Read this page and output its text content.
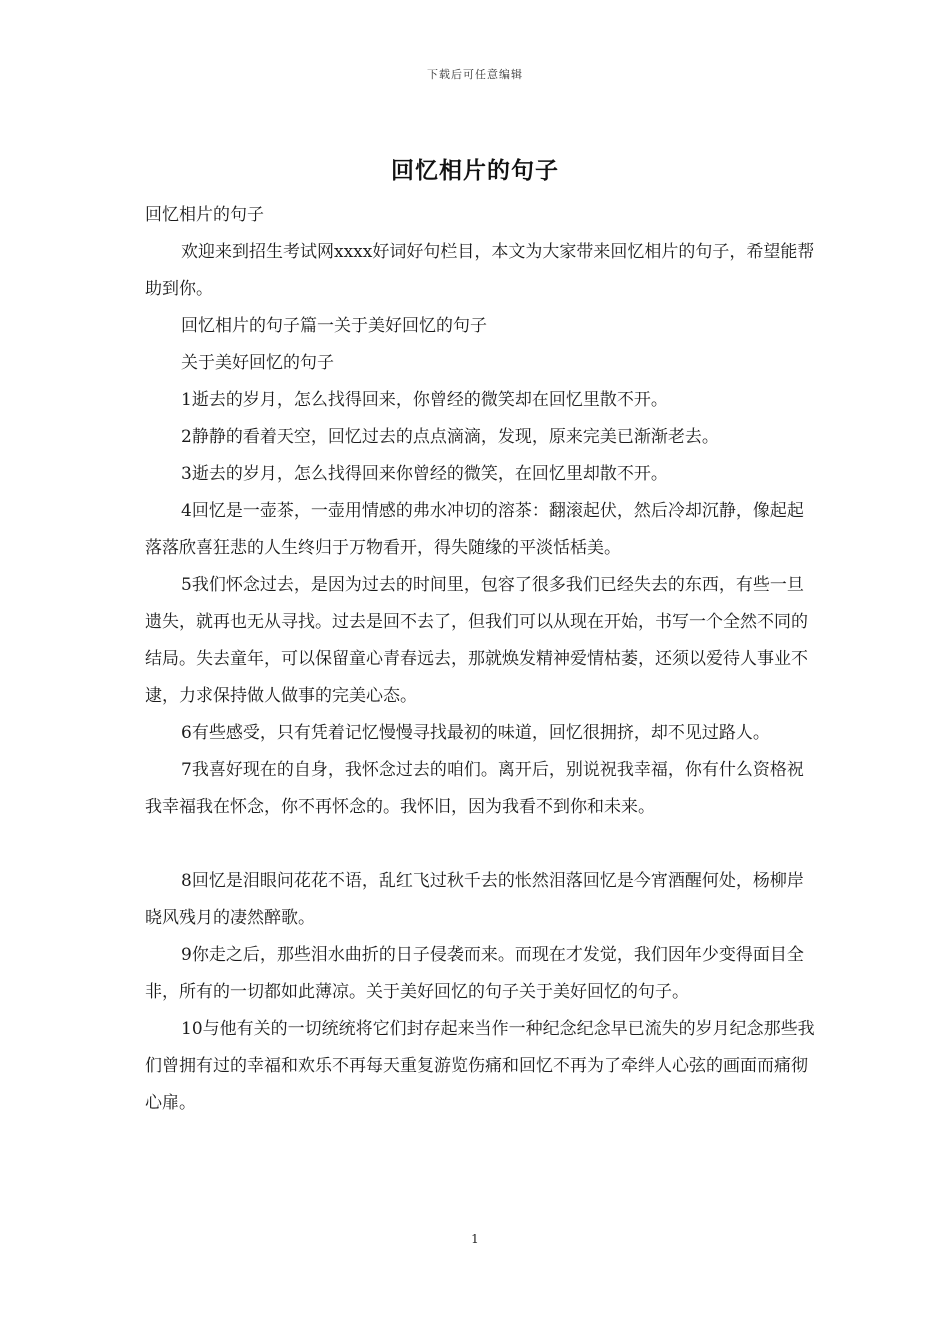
下载后可任意编辑
回忆相片的句子

回忆相片的句子

欢迎来到招生考试网xxxx好词好句栏目，本文为大家带来回忆相片的句子，希望能帮助到你。

回忆相片的句子篇一关于美好回忆的句子

关于美好回忆的句子

1逝去的岁月，怎么找得回来，你曾经的微笑却在回忆里散不开。

2静静的看着天空，回忆过去的点点滴滴，发现，原来完美已渐渐老去。

3逝去的岁月，怎么找得回来你曾经的微笑，在回忆里却散不开。

4回忆是一壶茶，一壶用情感的弗水冲切的溶茶：翻滚起伏，然后冷却沉静，像起起落落欣喜狂悲的人生终归于万物看开，得失随缘的平淡恬栝美。

5我们怀念过去，是因为过去的时间里，包容了很多我们已经失去的东西，有些一旦遗失，就再也无从寻找。过去是回不去了，但我们可以从现在开始，书写一个全然不同的结局。失去童年，可以保留童心青春远去，那就焕发精神爱情枯萎，还须以爱待人事业不逮，力求保持做人做事的完美心态。

6有些感受，只有凭着记忆慢慢寻找最初的味道，回忆很拥挤，却不见过路人。

7我喜好现在的自身，我怀念过去的咱们。离开后，别说祝我幸福，你有什么资格祝我幸福我在怀念，你不再怀念的。我怀旧，因为我看不到你和未来。

8回忆是泪眼问花花不语，乱红飞过秋千去的怅然泪落回忆是今宵酒醒何处，杨柳岸晓风残月的凄然醉歌。

9你走之后，那些泪水曲折的日子侵袭而来。而现在才发觉，我们因年少变得面目全非，所有的一切都如此薄凉。关于美好回忆的句子关于美好回忆的句子。

10与他有关的一切统统将它们封存起来当作一种纪念纪念早已流失的岁月纪念那些我们曾拥有过的幸福和欢乐不再每天重复游览伤痛和回忆不再为了牵绊人心弦的画面而痛彻心扉。

1
